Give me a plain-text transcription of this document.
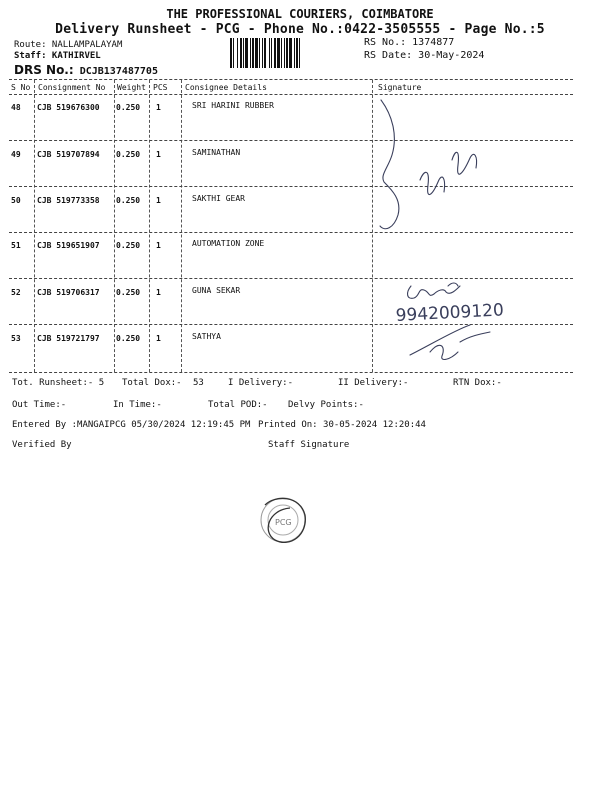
THE PROFESSIONAL COURIERS, COIMBATORE
Delivery Runsheet - PCG - Phone No.:0422-3505555 - Page No.:5
Route: NALLAMPALAYAM
Staff: KATHIRVEL
DRS No.: DCJB137487705
RS No.: 1374877
RS Date: 30-May-2024
S No Consignment No Weight PCS Consignee Details	Signature
48 CJB 519676300 0.250 1	SRI HARINI RUBBER
49 CJB 519707894 0.250 1	SAMINATHAN
50 CJB 519773358 0.250 1	SAKTHI GEAR
51 CJB 519651907 0.250 1	AUTOMATION ZONE
52 CJB 519706317 0.250 1	GUNA SEKAR
53 CJB 519721797 0.250 1	SATHYA
9942009120
Tot. Runsheet:- 5 Total Dox:- 53	I Delivery:-	II Delivery:-	RTN Dox:-
Out Time:-	In Time:-	Total POD:- Delvy Points:-
Entered By :MANGAIPCG 05/30/2024 12:19:45 PM Printed On: 30-05-2024 12:20:44
Verified By	Staff Signature
PCG
